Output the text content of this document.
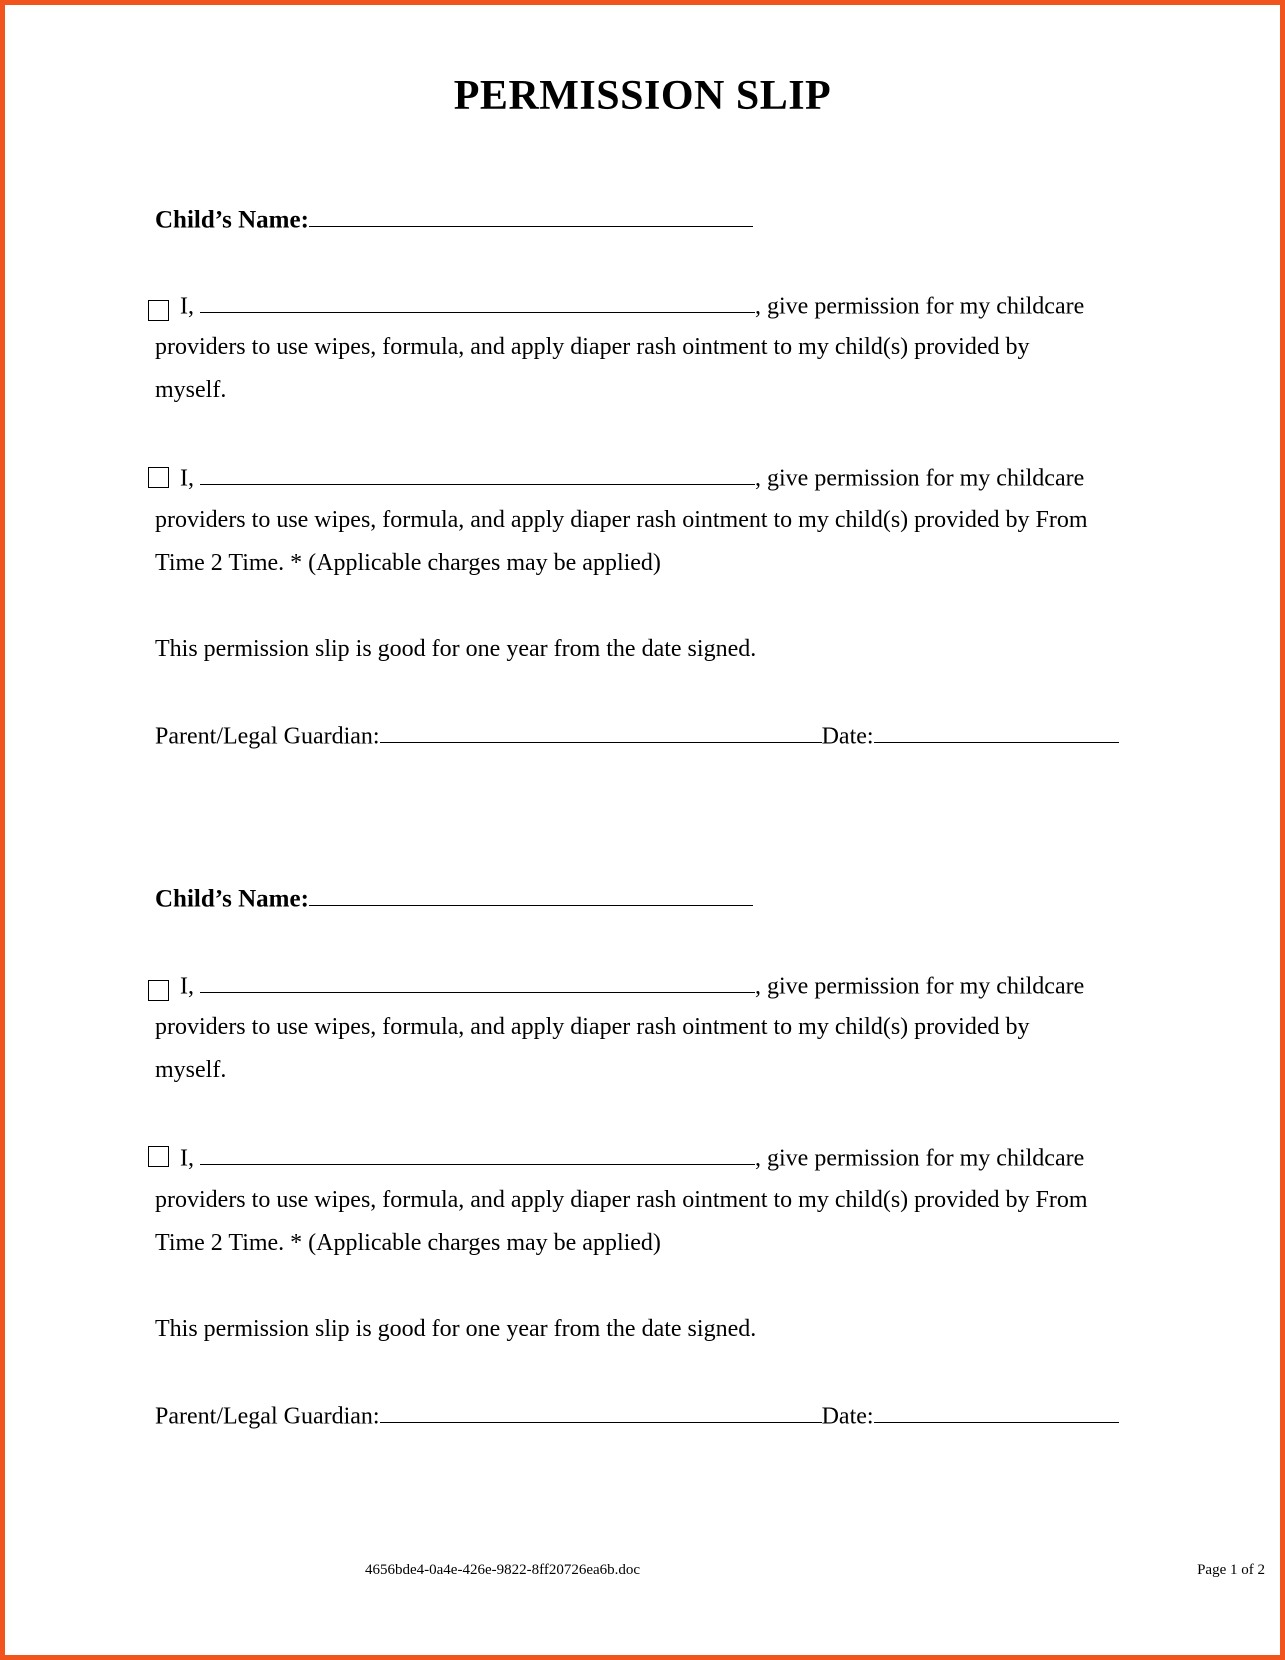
PERMISSION SLIP
Child’s Name:
I,	, give permission for my childcare
providers to use wipes, formula, and apply diaper rash ointment to my child(s) provided by
myself.
I,	, give permission for my childcare
providers to use wipes, formula, and apply diaper rash ointment to my child(s) provided by From
Time 2 Time. * (Applicable charges may be applied)
This permission slip is good for one year from the date signed.
Parent/Legal Guardian:	Date:
Child’s Name:
I,	, give permission for my childcare
providers to use wipes, formula, and apply diaper rash ointment to my child(s) provided by
myself.
I,	, give permission for my childcare
providers to use wipes, formula, and apply diaper rash ointment to my child(s) provided by From
Time 2 Time. * (Applicable charges may be applied)
This permission slip is good for one year from the date signed.
Parent/Legal Guardian:	Date:
4656bde4-0a4e-426e-9822-8ff20726ea6b.doc	Page 1 of 2
